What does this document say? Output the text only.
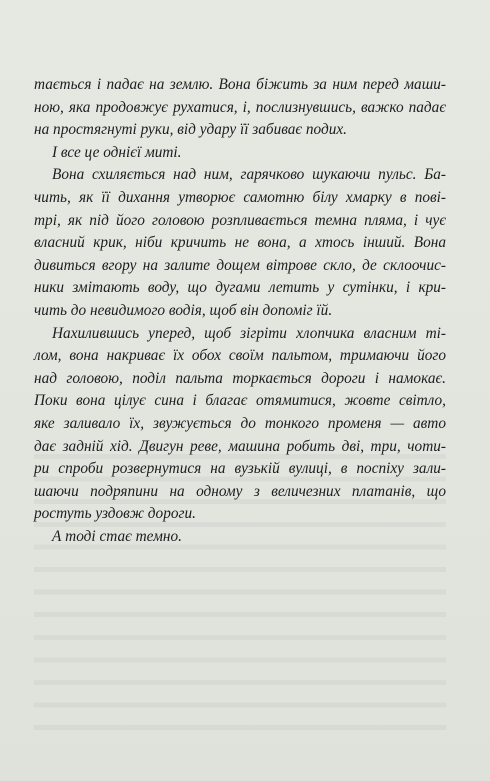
тається і падає на землю. Вона біжить за ним перед маши-
ною, яка продовжує рухатися, і, послизнувшись, важко падає
на простягнуті руки, від удару її забиває подих.
І все це однієї миті.
Вона схиляється над ним, гарячково шукаючи пульс. Ба-
чить, як її дихання утворює самотню білу хмарку в пові-
трі, як під його головою розпливається темна пляма, і чує
власний крик, ніби кричить не вона, а хтось інший. Вона
дивиться вгору на залите дощем вітрове скло, де склоочис-
ники змітають воду, що дугами летить у сутінки, і кри-
чить до невидимого водія, щоб він допоміг їй.
Нахилившись уперед, щоб зігріти хлопчика власним ті-
лом, вона накриває їх обох своїм пальтом, тримаючи його
над головою, поділ пальта торкається дороги і намокає.
Поки вона цілує сина і благає отямитися, жовте світло,
яке заливало їх, звужується до тонкого променя — авто
дає задній хід. Двигун реве, машина робить дві, три, чоти-
ри спроби розвернутися на вузькій вулиці, в поспіху зали-
шаючи подряпини на одному з величезних платанів, що
ростуть уздовж дороги.
А тоді стає темно.
